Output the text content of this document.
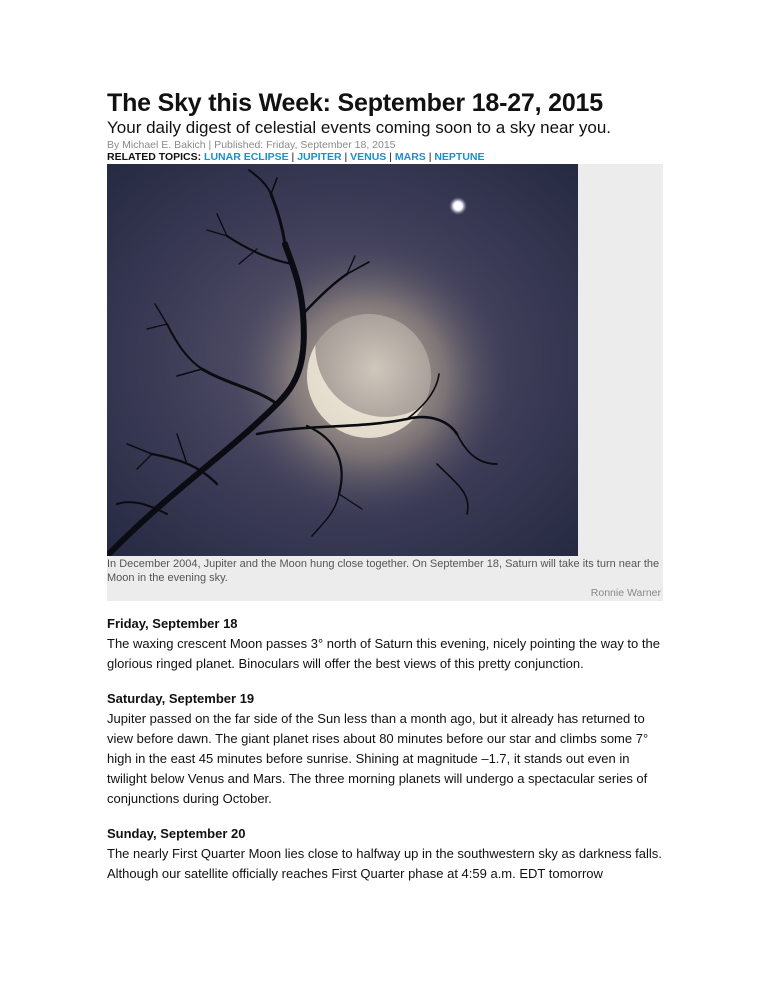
The Sky this Week: September 18-27, 2015

Your daily digest of celestial events coming soon to a sky near you.

By Michael E. Bakich | Published: Friday, September 18, 2015
RELATED TOPICS: LUNAR ECLIPSE | JUPITER | VENUS | MARS | NEPTUNE
In December 2004, Jupiter and the Moon hung close together. On September 18, Saturn will take its turn near the Moon in the evening sky.
Ronnie Warner
Friday, September 18

The waxing crescent Moon passes 3° north of Saturn this evening, nicely pointing the way to the glorious ringed planet. Binoculars will offer the best views of this pretty conjunction.

Saturday, September 19

Jupiter passed on the far side of the Sun less than a month ago, but it already has returned to view before dawn. The giant planet rises about 80 minutes before our star and climbs some 7° high in the east 45 minutes before sunrise. Shining at magnitude –1.7, it stands out even in twilight below Venus and Mars. The three morning planets will undergo a spectacular series of conjunctions during October.

Sunday, September 20

The nearly First Quarter Moon lies close to halfway up in the southwestern sky as darkness falls. Although our satellite officially reaches First Quarter phase at 4:59 a.m. EDT tomorrow
